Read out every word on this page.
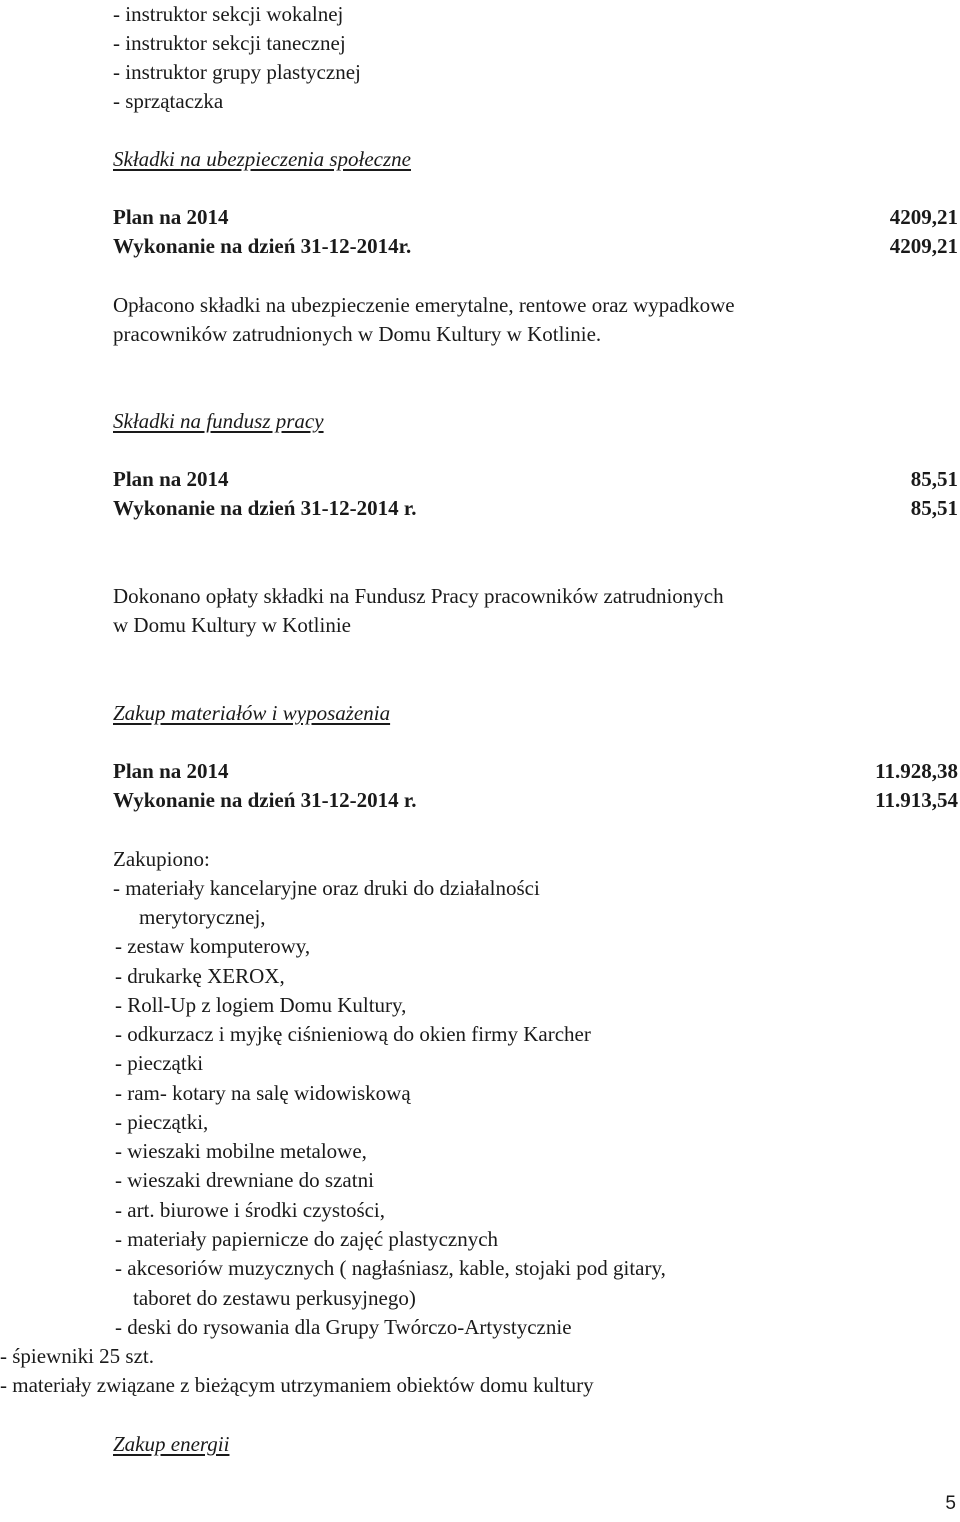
- instruktor sekcji wokalnej
- instruktor sekcji tanecznej
- instruktor grupy plastycznej
- sprzątaczka
Składki na ubezpieczenia społeczne
Plan na 2014	4209,21
Wykonanie na dzień 31-12-2014r.	4209,21
Opłacono składki na ubezpieczenie emerytalne, rentowe oraz wypadkowe
pracowników zatrudnionych w Domu Kultury w Kotlinie.
Składki na fundusz pracy
Plan na 2014	85,51
Wykonanie na dzień 31-12-2014 r.	85,51
Dokonano opłaty składki na Fundusz Pracy pracowników zatrudnionych
w Domu Kultury w Kotlinie
Zakup materiałów i wyposażenia
Plan na 2014	11.928,38
Wykonanie na dzień 31-12-2014 r.	11.913,54
Zakupiono:
- materiały kancelaryjne oraz druki do działalności
merytorycznej,
- zestaw komputerowy,
- drukarkę XEROX,
- Roll-Up z logiem Domu Kultury,
- odkurzacz i myjkę ciśnieniową do okien firmy Karcher
- pieczątki
- ram- kotary na salę widowiskową
- pieczątki,
- wieszaki mobilne metalowe,
- wieszaki drewniane do szatni
- art. biurowe i środki czystości,
- materiały papiernicze do zajęć plastycznych
- akcesoriów muzycznych ( nagłaśniasz, kable, stojaki pod gitary,
taboret do zestawu perkusyjnego)
- deski do rysowania dla Grupy Twórczo-Artystycznie
- śpiewniki 25 szt.
- materiały związane z bieżącym utrzymaniem obiektów domu kultury
Zakup energii
5
